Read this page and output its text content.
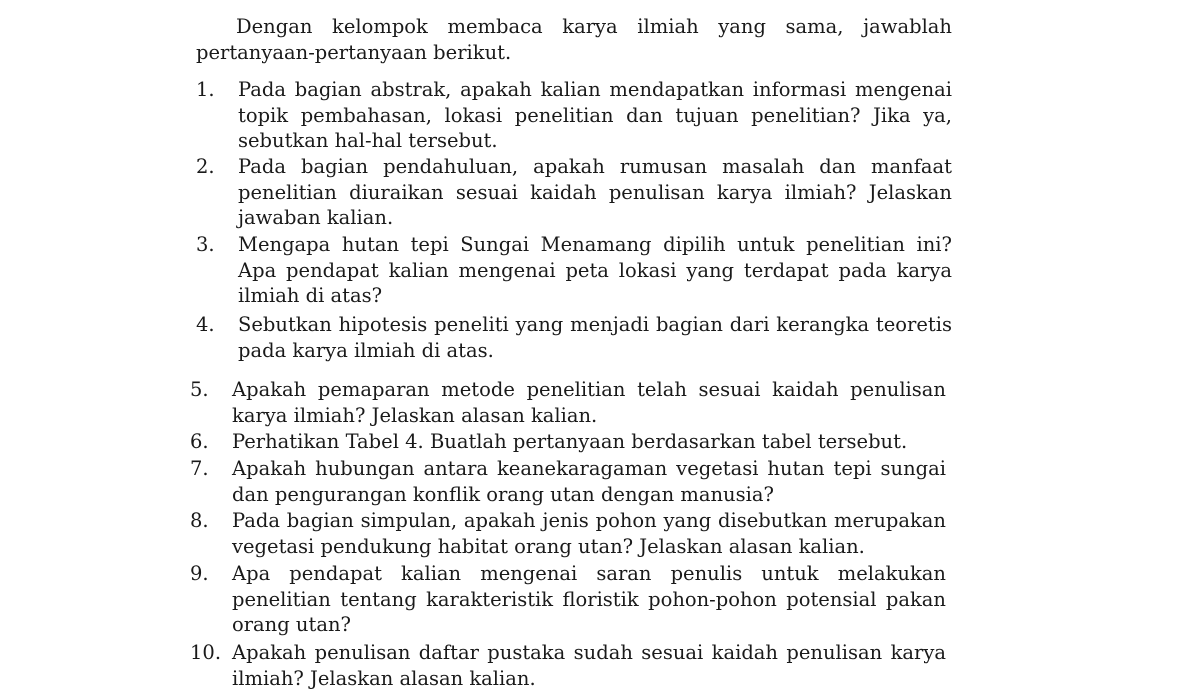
Dengan kelompok membaca karya ilmiah yang sama, jawablah pertanyaan-pertanyaan berikut.

1. Pada bagian abstrak, apakah kalian mendapatkan informasi mengenai topik pembahasan, lokasi penelitian dan tujuan penelitian? Jika ya, sebutkan hal-hal tersebut.
2. Pada bagian pendahuluan, apakah rumusan masalah dan manfaat penelitian diuraikan sesuai kaidah penulisan karya ilmiah? Jelaskan jawaban kalian.
3. Mengapa hutan tepi Sungai Menamang dipilih untuk penelitian ini? Apa pendapat kalian mengenai peta lokasi yang terdapat pada karya ilmiah di atas?
4. Sebutkan hipotesis peneliti yang menjadi bagian dari kerangka teoretis pada karya ilmiah di atas.
5. Apakah pemaparan metode penelitian telah sesuai kaidah penulisan karya ilmiah? Jelaskan alasan kalian.
6. Perhatikan Tabel 4. Buatlah pertanyaan berdasarkan tabel tersebut.
7. Apakah hubungan antara keanekaragaman vegetasi hutan tepi sungai dan pengurangan konflik orang utan dengan manusia?
8. Pada bagian simpulan, apakah jenis pohon yang disebutkan merupakan vegetasi pendukung habitat orang utan? Jelaskan alasan kalian.
9. Apa pendapat kalian mengenai saran penulis untuk melakukan penelitian tentang karakteristik floristik pohon-pohon potensial pakan orang utan?
10. Apakah penulisan daftar pustaka sudah sesuai kaidah penulisan karya ilmiah? Jelaskan alasan kalian.
